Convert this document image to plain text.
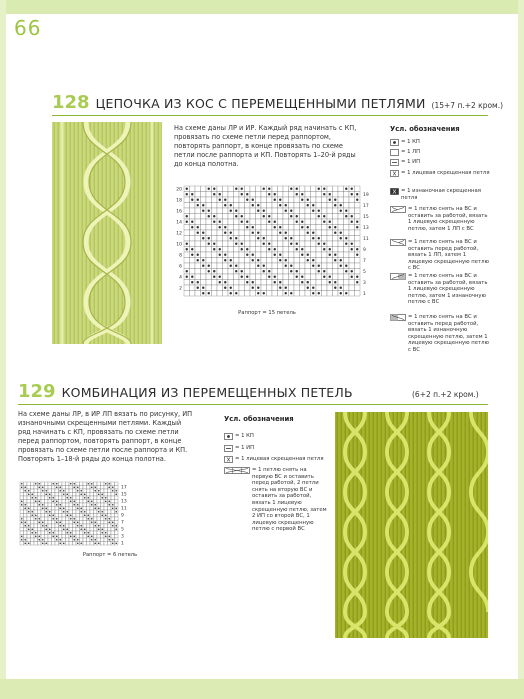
66
128 ЦЕПОЧКА ИЗ КОС С ПЕРЕМЕЩЕННЫМИ ПЕТЛЯМИ (15+7 п.+2 кром.)
На схеме даны ЛР и ИР. Каждый ряд начинать с КП, провязать по схеме петли перед раппортом, повторять раппорт, в конце провязать по схеме петли после раппорта и КП. Повторять 1–20-й ряды до конца полотна.
19
17
15
13
11
9
7
5
3
1
20
18
16
14
12
10
8
6
4
2
Раппорт = 15 петель
Усл. обозначения
= 1 КП
= 1 ЛП
= 1 ИП
= 1 лицевая скрещенная петля
= 1 изнаночная скрещенная петля
= 1 петлю снять на ВС и оставить за работой, вязать 1 лицевую скрещенную петлю, затем 1 ЛП с ВС
= 1 петлю снять на ВС и оставить перед работой, вязать 1 ЛП, затем 1 лицевую скрещенную петлю с ВС
= 1 петлю снять на ВС и оставить за работой, вязать 1 лицевую скрещенную петлю, затем 1 изнаночную петлю с ВС
= 1 петлю снять на ВС и оставить перед работой, вязать 1 изнаночную скрещенную петлю, затем 1 лицевую скрещенную петлю с ВС
129 КОМБИНАЦИЯ ИЗ ПЕРЕМЕЩЕННЫХ ПЕТЕЛЬ	(6+2 п.+2 кром.)
На схеме даны ЛР, в ИР ЛП вязать по рисунку, ИП изнаночными скрещенными петлями. Каждый ряд начинать с КП, провязать по схеме петли перед раппортом, повторять раппорт, в конце провязать по схеме петли после раппорта и КП. Повторять 1–18-й ряды до конца полотна.
17
15
13
11
9
7
5
3
1
Раппорт = 6 петель
Усл. обозначения
= 1 КП
= 1 ИП
= 1 лицевая скрещенная петля
= 1 петлю снять на первую ВС и оставить перед работой, 2 петли снять на вторую ВС и оставить за работой, вязать 1 лицевую скрещенную петлю, затем 2 ИП со второй ВС, 1 лицевую скрещенную петлю с первой ВС
